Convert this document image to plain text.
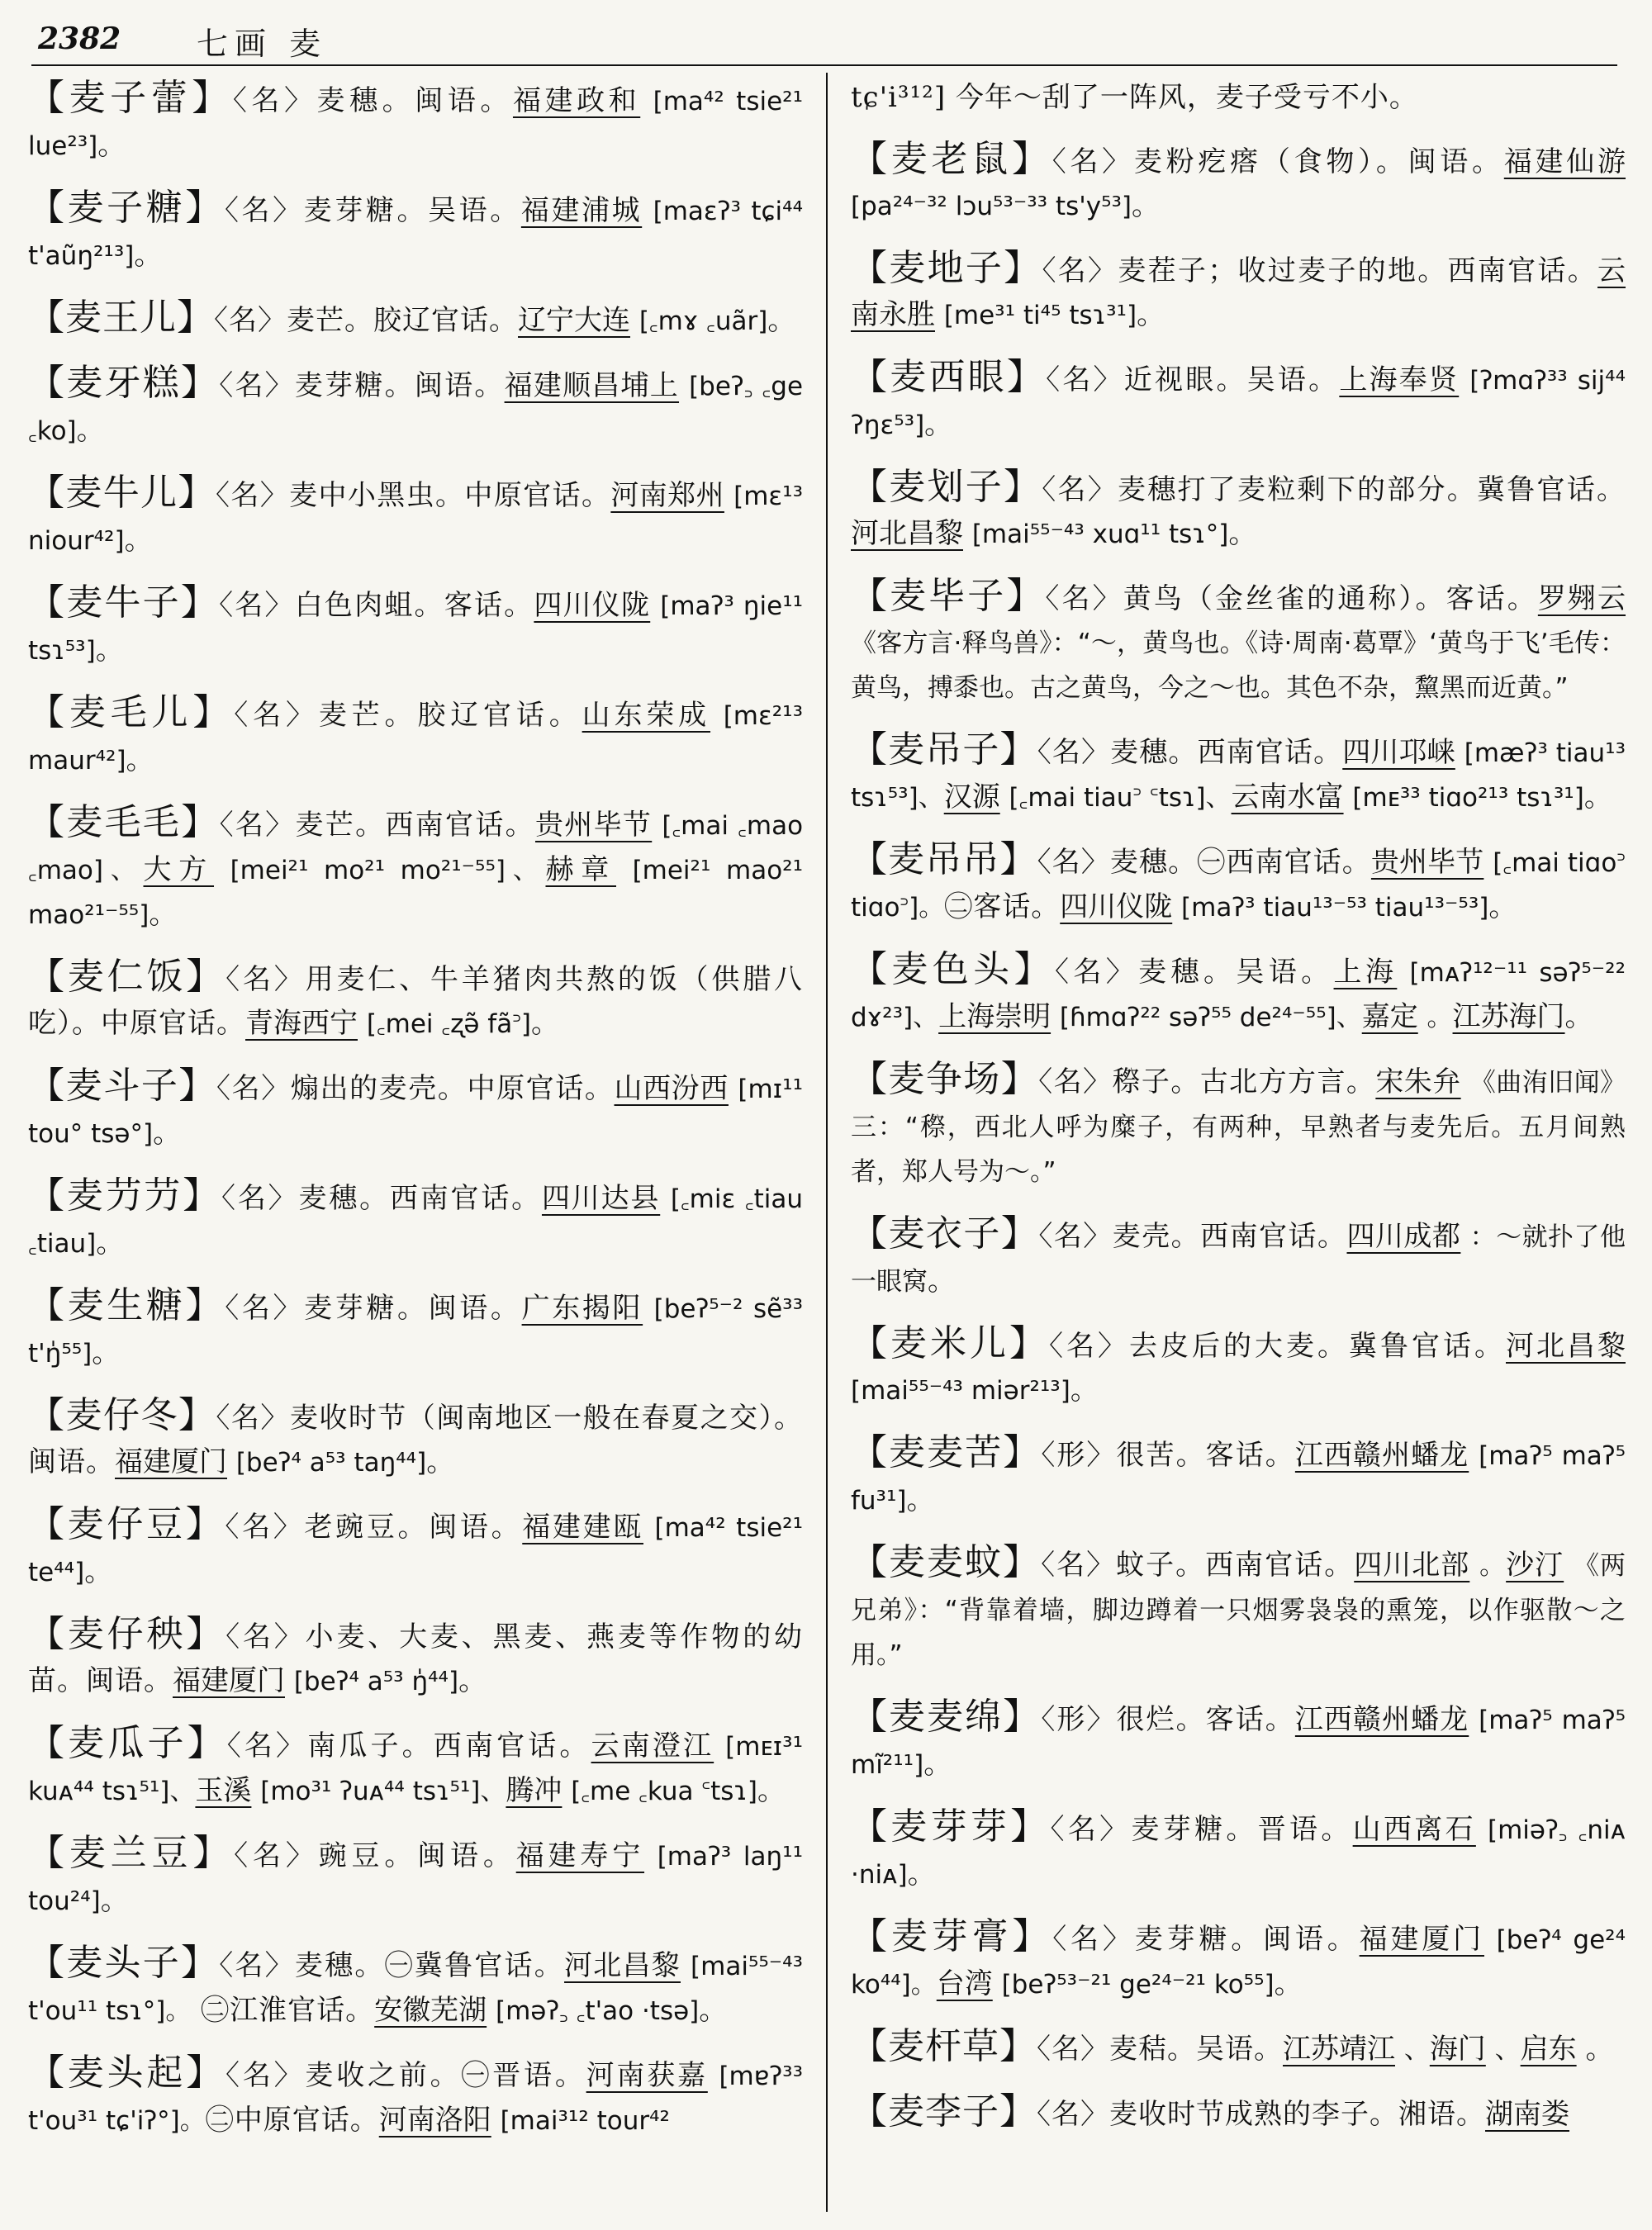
2382 七画 麦

【麦子蕾】〈名〉麦穗。闽语。福建政和 [ma⁴² tsie²¹ lue²³]。

【麦子糖】〈名〉麦芽糖。吴语。福建浦城 [maɛʔ³ tɕi⁴⁴ t'aũŋ²¹³]。

【麦王儿】〈名〉麦芒。胶辽官话。辽宁大连 [꜀mɤ ꜀uãr]。

【麦牙糕】〈名〉麦芽糖。闽语。福建顺昌埔上 [beʔ꜆ ꜀ge ꜀ko]。

【麦牛儿】〈名〉麦中小黑虫。中原官话。河南郑州 [mɛ¹³ niour⁴²]。

【麦牛子】〈名〉白色肉蛆。客话。四川仪陇 [maʔ³ ŋie¹¹ tsɿ⁵³]。

【麦毛儿】〈名〉麦芒。胶辽官话。山东荣成 [mɛ²¹³ maur⁴²]。

【麦毛毛】〈名〉麦芒。西南官话。贵州毕节 [꜀mai ꜀mao ꜀mao]、大方 [mei²¹ mo²¹ mo²¹⁻⁵⁵]、赫章 [mei²¹ mao²¹ mao²¹⁻⁵⁵]。

【麦仁饭】〈名〉用麦仁、牛羊猪肉共熬的饭（供腊八吃）。中原官话。青海西宁 [꜀mei ꜀ʐə̃ fã꜄]。

【麦斗子】〈名〉煽出的麦壳。中原官话。山西汾西 [mɪ¹¹ tou° tsə°]。

【麦芀芀】〈名〉麦穗。西南官话。四川达县 [꜀miɛ ꜀tiau ꜀tiau]。

【麦生糖】〈名〉麦芽糖。闽语。广东揭阳 [beʔ⁵⁻² sẽ³³ t'ŋ̍⁵⁵]。

【麦仔冬】〈名〉麦收时节（闽南地区一般在春夏之交）。闽语。福建厦门 [beʔ⁴ a⁵³ taŋ⁴⁴]。

【麦仔豆】〈名〉老豌豆。闽语。福建建瓯 [ma⁴² tsie²¹ te⁴⁴]。

【麦仔秧】〈名〉小麦、大麦、黑麦、燕麦等作物的幼苗。闽语。福建厦门 [beʔ⁴ a⁵³ ŋ̍⁴⁴]。

【麦瓜子】〈名〉南瓜子。西南官话。云南澄江 [mᴇɪ³¹ kuᴀ⁴⁴ tsɿ⁵¹]、玉溪 [mo³¹ ʔuᴀ⁴⁴ tsɿ⁵¹]、腾冲 [꜀me ꜀kua ꜂tsɿ]。

【麦兰豆】〈名〉豌豆。闽语。福建寿宁 [maʔ³ laŋ¹¹ tou²⁴]。

【麦头子】〈名〉麦穗。㊀冀鲁官话。河北昌黎 [mai⁵⁵⁻⁴³ t'ou¹¹ tsɿ°]。 ㊁江淮官话。安徽芜湖 [məʔ꜆ ꜀t'ao ·tsə]。

【麦头起】〈名〉麦收之前。㊀晋语。河南获嘉 [mɐʔ³³ t'ou³¹ tɕ'iʔ°]。㊁中原官话。河南洛阳 [mai³¹² tour⁴²

tɕ'i³¹²] 今年～刮了一阵风，麦子受亏不小。

【麦老鼠】〈名〉麦粉疙瘩（食物）。闽语。福建仙游 [pa²⁴⁻³² lɔu⁵³⁻³³ ts'y⁵³]。

【麦地子】〈名〉麦茬子；收过麦子的地。西南官话。云南永胜 [me³¹ ti⁴⁵ tsɿ³¹]。

【麦西眼】〈名〉近视眼。吴语。上海奉贤 [ʔmɑʔ³³ sij⁴⁴ ʔŋɛ⁵³]。

【麦划子】〈名〉麦穗打了麦粒剩下的部分。冀鲁官话。河北昌黎 [mai⁵⁵⁻⁴³ xuɑ¹¹ tsɿ°]。

【麦毕子】〈名〉黄鸟（金丝雀的通称）。客话。罗翙云 《客方言·释鸟兽》：“～，黄鸟也。《诗·周南·葛覃》‘黄鸟于飞’毛传：黄鸟，搏黍也。古之黄鸟，今之～也。其色不杂，黧黑而近黄。”

【麦吊子】〈名〉麦穗。西南官话。四川邛崃 [mæʔ³ tiau¹³ tsɿ⁵³]、汉源 [꜀mai tiau꜄ ꜂tsɿ]、云南水富 [mᴇ³³ tiɑo²¹³ tsɿ³¹]。

【麦吊吊】〈名〉麦穗。㊀西南官话。贵州毕节 [꜀mai tiɑo꜄ tiɑo꜄]。㊁客话。四川仪陇 [maʔ³ tiau¹³⁻⁵³ tiau¹³⁻⁵³]。

【麦色头】〈名〉麦穗。吴语。上海 [mᴀʔ¹²⁻¹¹ səʔ⁵⁻²² dɤ²³]、上海崇明 [ɦmɑʔ²² səʔ⁵⁵ de²⁴⁻⁵⁵]、嘉定 。江苏海门。

【麦争场】〈名〉穄子。古北方方言。宋朱弁 《曲洧旧闻》三：“穄，西北人呼为糜子，有两种，早熟者与麦先后。五月间熟者，郑人号为～。”

【麦衣子】〈名〉麦壳。西南官话。四川成都 ：～就扑了他一眼窝。

【麦米儿】〈名〉去皮后的大麦。冀鲁官话。河北昌黎 [mai⁵⁵⁻⁴³ miər²¹³]。

【麦麦苦】〈形〉很苦。客话。江西赣州蟠龙 [maʔ⁵ maʔ⁵ fu³¹]。

【麦麦蚊】〈名〉蚊子。西南官话。四川北部 。沙汀 《两兄弟》：“背靠着墙，脚边蹲着一只烟雾袅袅的熏笼，以作驱散～之用。”

【麦麦绵】〈形〉很烂。客话。江西赣州蟠龙 [maʔ⁵ maʔ⁵ mĩ²¹¹]。

【麦芽芽】〈名〉麦芽糖。晋语。山西离石 [miəʔ꜆ ꜀niᴀ ·niᴀ]。

【麦芽膏】〈名〉麦芽糖。闽语。福建厦门 [beʔ⁴ ge²⁴ ko⁴⁴]。台湾 [beʔ⁵³⁻²¹ ge²⁴⁻²¹ ko⁵⁵]。

【麦杆草】〈名〉麦秸。吴语。江苏靖江 、海门 、启东 。

【麦李子】〈名〉麦收时节成熟的李子。湘语。湖南娄
